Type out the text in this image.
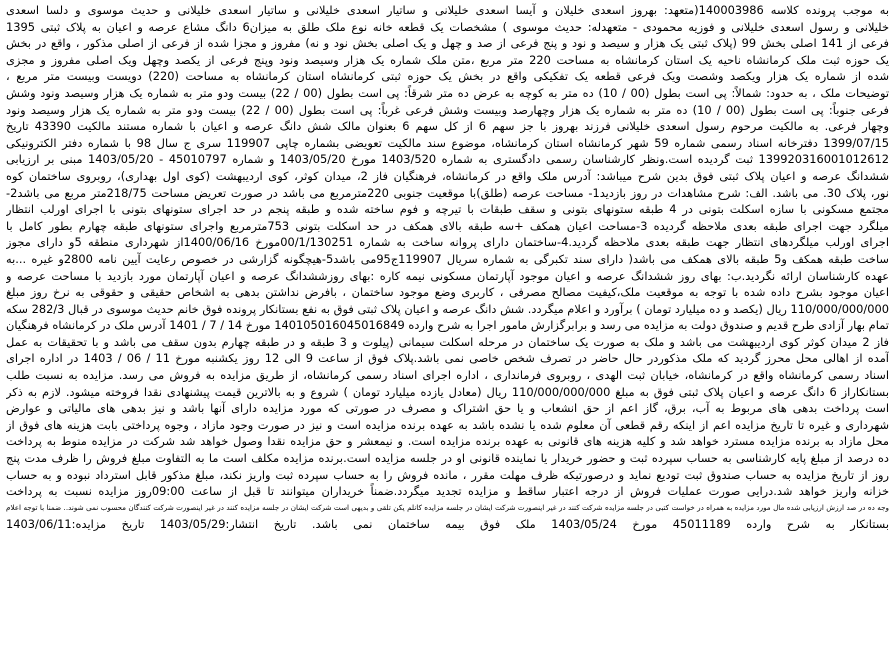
به موجب پرونده کلاسه 140003986(متعهد: بهروز اسعدی خلیلان و آیسا اسعدی خلیلانی و ساتیار اسعدی خلیلانی و ساتیار اسعدی خلیلانی و حدیث موسوی و دلسا اسعدی
خلیلانی و رسول اسعدی خلیلانی و فوزیه محمودی - متعهدله: حدیث موسوی ) مشخصات یک قطعه خانه نوع ملک طلق به میزان6 دانگ مشاع عرصه و اعیان به پلاک ثبتی 1395
فرعی از 141 اصلی بخش 99 (پلاک ثبتی یک هزار و سیصد و نود و پنج فرعی از صد و چهل و یک اصلی بخش نود و نه) مفروز و مجزا شده از فرعی از اصلی مذکور ، واقع در بخش
یک حوزه ثبت ملک کرمانشاه ناحیه یک استان کرمانشاه به مساحت 220 متر مربع ،متن ملک شماره یک هزار وسیصد ونود وپنج فرعی از یکصد وچهل ویک اصلی مفروز و مجزی
شده از شماره یک هزار ویکصد وشصت ویک فرعی قطعه یک تفکیکی واقع در بخش یک حوزه ثبتی کرمانشاه استان کرمانشاه به مساحت (220) دویست وبیست متر مربع ،
توضیحات ملک ، به حدود: شمالاً: پی است بطول (00 / 10) ده متر به کوچه به عرض ده متر شرقاً: پی است بطول (00 / 22) بیست ودو متر به شماره یک هزار وسیصد ونود وشش
فرعی جنوباً: پی است بطول (00 / 10) ده متر به شماره یک هزار وچهارصد وبیست وشش فرعی غرباً: پی است بطول (00 / 22) بیست ودو متر به شماره یک هزار وسیصد ونود
وچهار فرعی. به مالکیت مرحوم رسول اسعدی خلیلانی فرزند بهروز با جز سهم 6 از کل سهم 6 بعنوان مالک شش دانگ عرصه و اعیان با شماره مستند مالکیت 43390 تاریخ
1399/07/15 دفترخانه اسناد رسمی شماره 59 شهر کرمانشاه استان کرمانشاه، موضوع سند مالکیت تعویضی بشماره چاپی 119907 سری ج سال 98 با شماره دفتر الکترونیکی
139920316001012612 ثبت گردیده است.ونظر کارشناسان رسمی دادگستری به شماره 1403/520 مورخ 1403/05/20 و شماره 45010797 - 1403/05/20 مبنی بر ارزیابی
ششدانگ عرصه و اعیان پلاک ثبتی فوق بدین شرح میباشد: آدرس ملک واقع در کرمانشاه، فرهنگیان فاز 2، میدان کوثر، کوی اردیبهشت (کوی اول بهداری)، روبروی ساختمان کوه
نور، پلاک 30. می باشد. الف: شرح مشاهدات در روز بازدید1- مساحت عرصه (طلق)با موقعیت جنوبی 220مترمربع می باشد در صورت تعریض مساحت 218/75متر مربع می باشد2-
مجتمع مسکونی با سازه اسکلت بتونی در 4 طبقه ستونهای بتونی و سقف طبقات با تیرچه و فوم ساخته شده و طبقه پنجم در حد اجرای ستونهای بتونی با اجرای اورلب انتظار
میلگرد جهت اجرای طبقه بعدی ملاحظه گردیده 3-مساحت اعیان همکف +سه طبقه بالای همکف در حد اسکلت بتونی 753مترمربع واجرای ستونهای طبقه چهارم بطور کامل با
اجرای اورلب میلگردهای انتظار جهت طبقه بعدی ملاحظه گردید.4-ساختمان دارای پروانه ساخت به شماره 00/1/130251مورخ 1400/06/16از شهرداری منطقه 5و دارای مجوز
ساخت طبقه همکف و5 طبقه بالای همکف می باشد( دارای سند تکبرگی به شماره سریال 119907ج95می باشد5-هیچگونه گزارشی در خصوص رعایت آیین نامه 2800و غیره ...به
عهده کارشناسان ارائه نگردید.ب: بهای روز ششدانگ عرصه و اعیان موجود آپارتمان مسکونی نیمه کاره :بهای روزششدانگ عرصه و اعیان آپارتمان مورد بازدید با مساحت عرصه و
اعیان موجود بشرح داده شده با توجه به موقعیت ملک،کیفیت مصالح مصرفی ، کاربری وضع موجود ساختمان ، بافرض نداشتن بدهی به اشخاص حقیقی و حقوقی به نرخ روز مبلغ
110/000/000/000 ریال (یکصد و ده میلیارد تومان ) برآورد و اعلام میگردد. شش دانگ عرصه و اعیان پلاک ثبتی فوق به نفع بستانکار پرونده فوق خانم حدیث موسوی در قبال 282/3 سکه
تمام بهار آزادی طرح قدیم و صندوق دولت به مزایده می رسد و برابرگزارش مامور اجرا به شرح وارده 140105016045016849 مورخ 14 / 7 / 1401 آدرس ملک در کرمانشاه فرهنگیان
فاز 2 میدان کوثر کوی اردیبهشت می باشد و ملک به صورت یک ساختمان در مرحله اسکلت سیمانی (پیلوت و 3 طبقه و در طبقه چهارم بدون سقف می باشد و با تحقیقات به عمل
آمده از اهالی محل محرز گردید که ملک مذکوردر حال حاضر در تصرف شخص خاصی نمی باشد.پلاک فوق از ساعت 9 الی 12 روز یکشنبه مورخ 11 / 06 / 1403 در اداره اجرای
اسناد رسمی کرمانشاه واقع در کرمانشاه، خیابان ثبت الهدی ، روبروی فرمانداری ، اداره اجرای اسناد رسمی کرمانشاه، از طریق مزایده به فروش می رسد. مزایده به نسبت طلب
بستانکاراز 6 دانگ عرصه و اعیان پلاک ثبتی فوق به مبلغ 110/000/000/000 ریال (معادل یازده میلیارد تومان ) شروع و به بالاترین قیمت پیشنهادی نقدا فروخته میشود. لازم به ذکر
است پرداخت بدهی های مربوط به آب، برق، گاز اعم از حق انشعاب و یا حق اشتراک و مصرف در صورتی که مورد مزایده دارای آنها باشد و نیز بدهی های مالیاتی و عوارض
شهرداری و غیره تا تاریخ مزایده اعم از اینکه رقم قطعی آن معلوم شده یا نشده باشد به عهده برنده مزایده است و نیز در صورت وجود مازاد ، وجوه پرداختی بابت هزینه های فوق از
محل مازاد به برنده مزایده مسترد خواهد شد و کلیه هزینه های قانونی به عهده برنده مزایده است. و نیمعشر و حق مزایده نقدا وصول خواهد شد شرکت در مزایده منوط به پرداخت
ده درصد از مبلغ پایه کارشناسی به حساب سپرده ثبت و حضور خریدار یا نماینده قانونی او در جلسه مزایده است.برنده مزایده مکلف است ما به التفاوت مبلغ فروش را ظرف مدت پنج
روز از تاریخ مزایده به حساب صندوق ثبت تودیع نماید و درصورتیکه ظرف مهلت مقرر ، مانده فروش را به حساب سپرده ثبت واریز نکند، مبلغ مذکور قابل استرداد نبوده و به حساب
خزانه واریز خواهد شد.درایی صورت عملیات فروش از درجه اعتبار ساقط و مزایده تجدید میگردد.ضمناً خریداران میتوانند تا قبل از ساعت 09:00روز مزایده نسبت به پرداخت
وجه ده در صد ارزش ارزیابی شده مال مورد مزایده به همراه در خواست کتبی در جلسه مزایده شرکت کنند در غیر اینصورت شرکت ایشان در جلسه مزایده کانلم یکن تلقی و بدیهی است شرکت ایشان در جلسه مزایده کنند در غیر اینصورت شرکت کنندگان محسوب نمی شوند.. ضمنا با توجه اعلام
بستانکار به شرح وارده 45011189 مورخ 1403/05/24 ملک فوق بیمه ساختمان نمی باشد. تاریخ انتشار:1403/05/29 تاریخ مزایده:1403/06/11
